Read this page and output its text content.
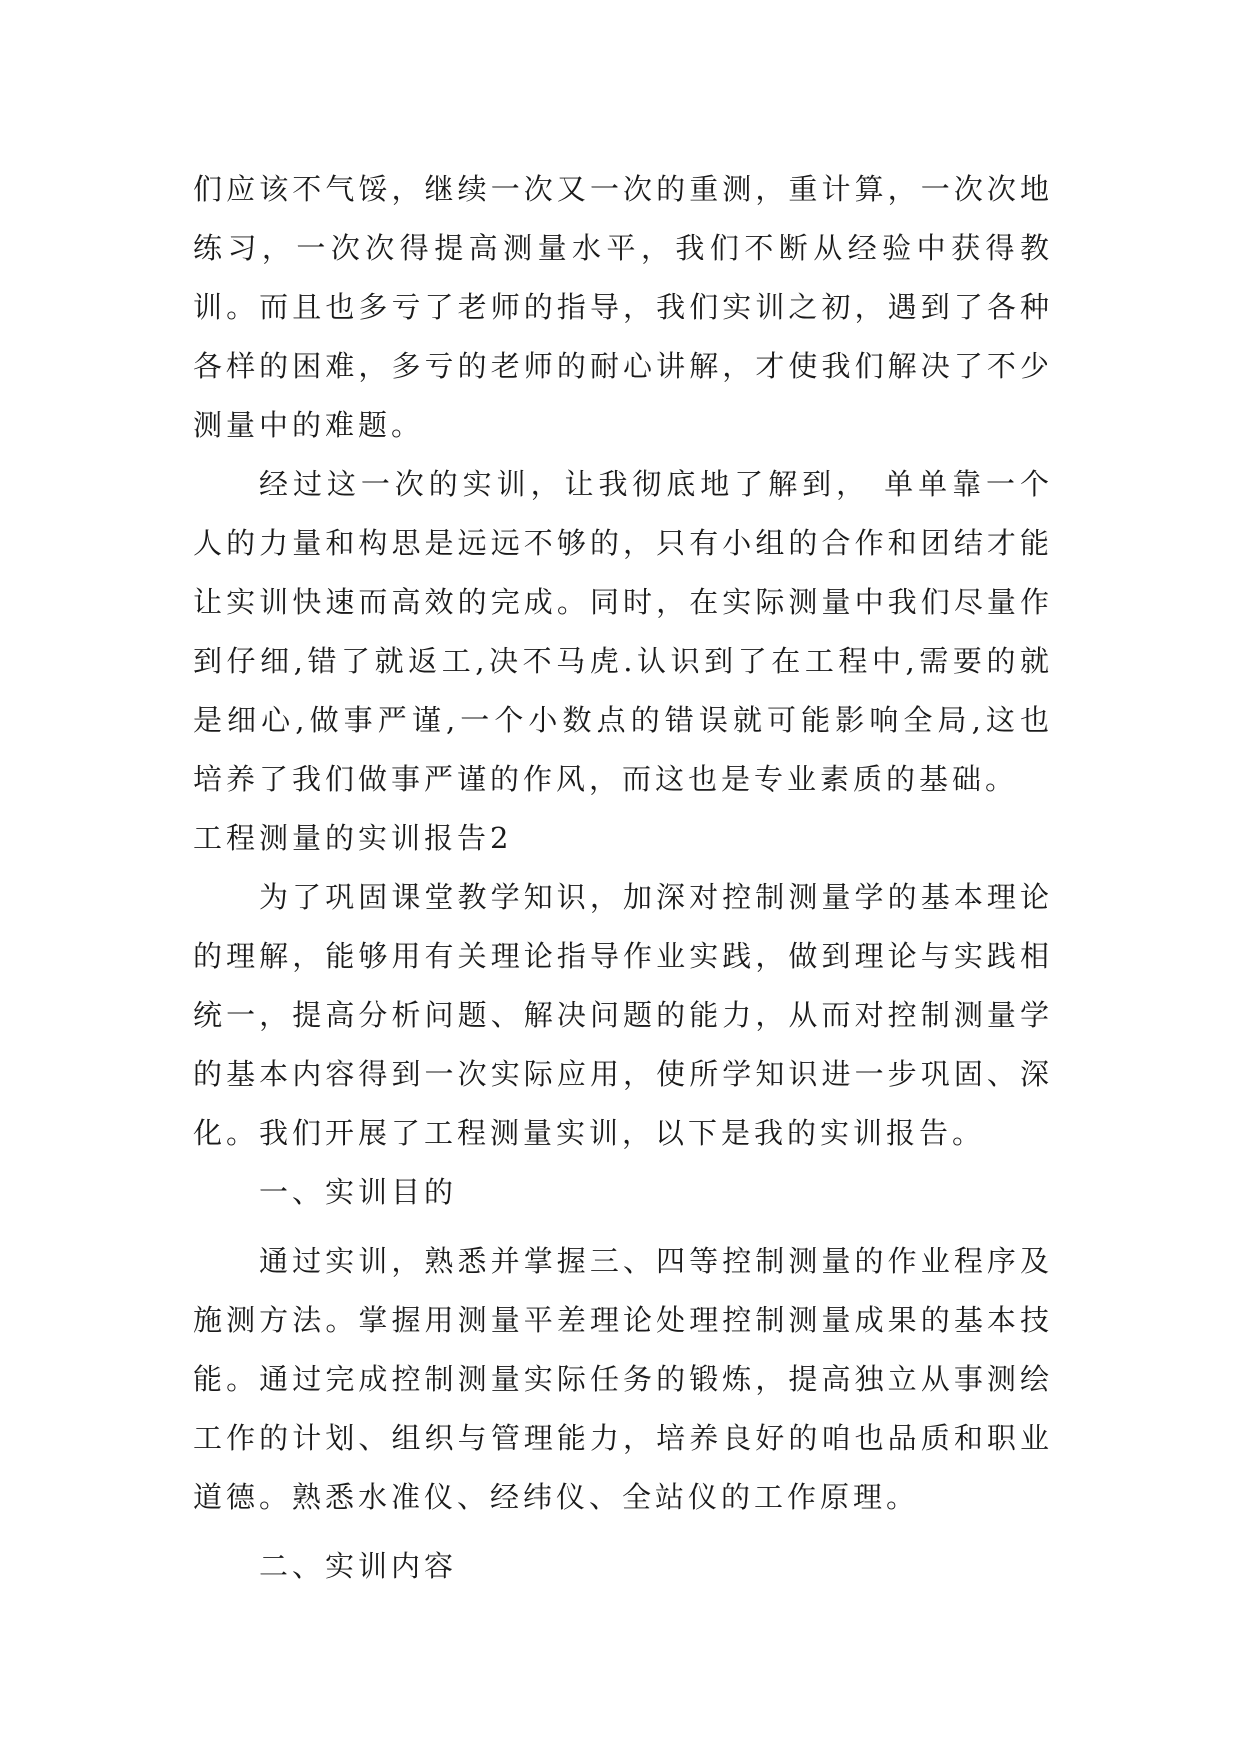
们应该不气馁，继续一次又一次的重测，重计算，一次次地练习，一次次得提高测量水平，我们不断从经验中获得教训。而且也多亏了老师的指导，我们实训之初，遇到了各种各样的困难，多亏的老师的耐心讲解，才使我们解决了不少测量中的难题。

经过这一次的实训，让我彻底地了解到， 单单靠一个人的力量和构思是远远不够的，只有小组的合作和团结才能让实训快速而高效的完成。同时，在实际测量中我们尽量作到仔细,错了就返工,决不马虎.认识到了在工程中,需要的就是细心,做事严谨,一个小数点的错误就可能影响全局,这也培养了我们做事严谨的作风，而这也是专业素质的基础。

工程测量的实训报告2

为了巩固课堂教学知识，加深对控制测量学的基本理论的理解，能够用有关理论指导作业实践，做到理论与实践相统一，提高分析问题、解决问题的能力，从而对控制测量学的基本内容得到一次实际应用，使所学知识进一步巩固、深化。我们开展了工程测量实训，以下是我的实训报告。

一、实训目的

通过实训，熟悉并掌握三、四等控制测量的作业程序及施测方法。掌握用测量平差理论处理控制测量成果的基本技能。通过完成控制测量实际任务的锻炼，提高独立从事测绘工作的计划、组织与管理能力，培养良好的咱也品质和职业道德。熟悉水准仪、经纬仪、全站仪的工作原理。

二、实训内容
